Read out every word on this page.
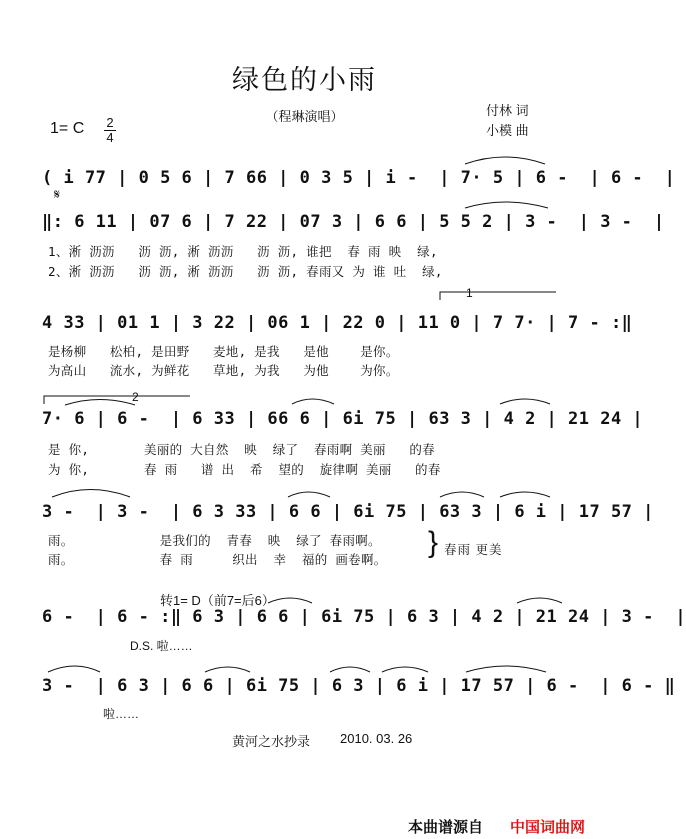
绿色的小雨
（程琳演唱）	付林 词
小模 曲
1= C 2
4
𝄋
( i 77 | 0 5 6 | 7 66 | 0 3 5 | i -  | 7· 5 | 6 -  | 6 -  |
‖: 6 11 | 07 6 | 7 22 | 07 3 | 6 6 | 5 5 2 | 3 -  | 3 -  |
1、淅 沥沥   沥 沥, 淅 沥沥   沥 沥, 谁把  春 雨 映  绿,
2、淅 沥沥   沥 沥, 淅 沥沥   沥 沥, 春雨又 为 谁 吐  绿,
1
4 33 | 01 1 | 3 22 | 06 1 | 22 0 | 11 0 | 7 7· | 7 - :‖
是杨柳   松柏, 是田野   麦地, 是我   是他    是你。
为高山   流水, 为鲜花   草地, 为我   为他    为你。
2
7· 6 | 6 -  | 6 33 | 66 6 | 6i 75 | 63 3 | 4 2 | 21 24 |
是 你,       美丽的 大自然  映  绿了  春雨啊 美丽   的春
为 你,       春 雨   谱 出  希  望的  旋律啊 美丽   的春
3 -  | 3 -  | 6 3 33 | 6 6 | 6i 75 | 63 3 | 6 i | 17 57 |
雨。           是我们的  青春  映  绿了 春雨啊。
雨。           春 雨     织出  幸  福的 画卷啊。
} 春雨 更美
转1= D（前7=后6）
6 -  | 6 - :‖ 6 3 | 6 6 | 6i 75 | 6 3 | 4 2 | 21 24 | 3 -  |
D.S. 啦……
3 -  | 6 3 | 6 6 | 6i 75 | 6 3 | 6 i | 17 57 | 6 -  | 6 - ‖
啦……
黄河之水抄录 2010. 03. 26
本曲谱源自 中国词曲网
